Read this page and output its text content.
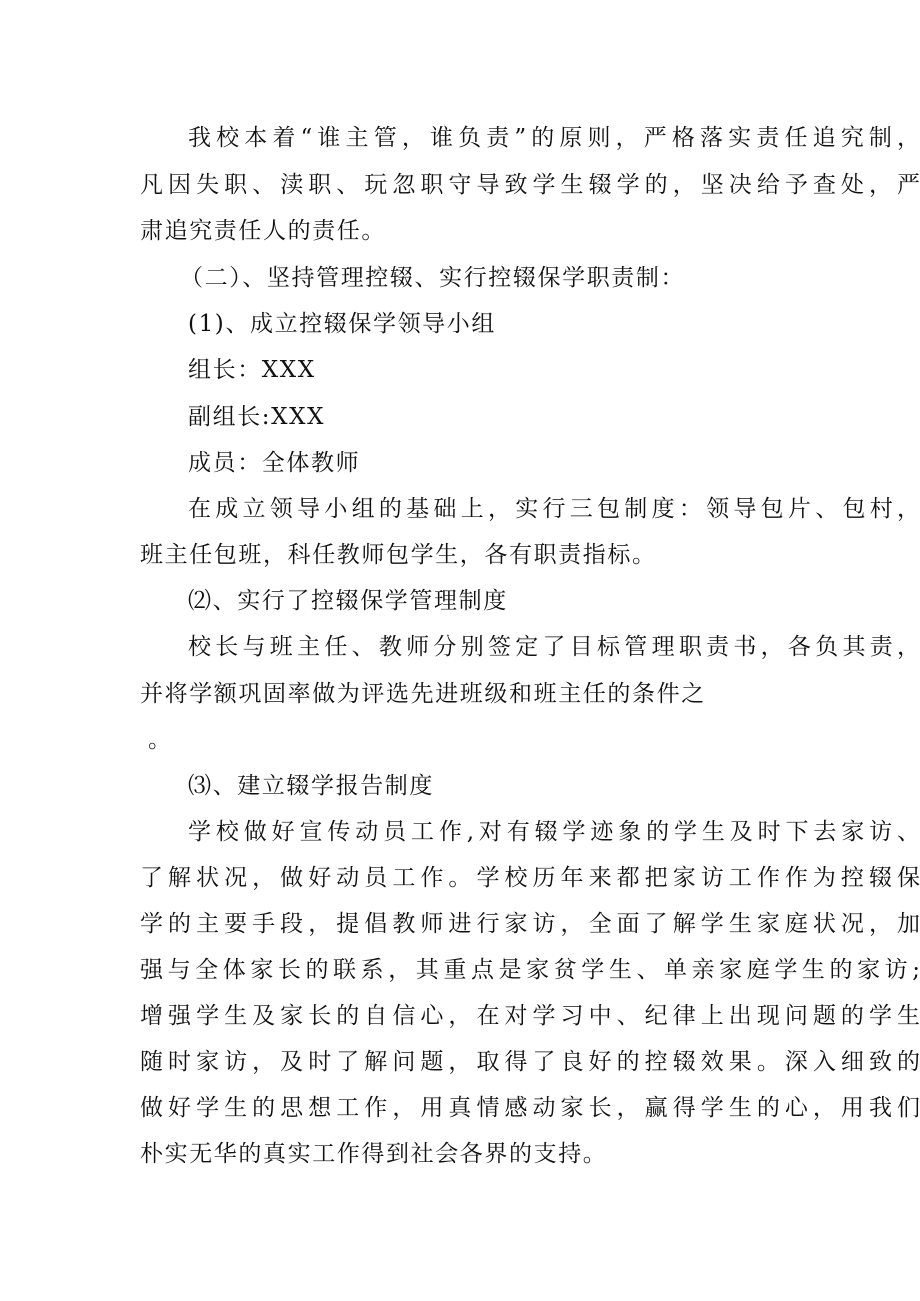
我校本着“谁主管，谁负责”的原则，严格落实责任追究制，
凡因失职、渎职、玩忽职守导致学生辍学的，坚决给予查处，严
肃追究责任人的责任。
（二）、坚持管理控辍、实行控辍保学职责制：
(1)、成立控辍保学领导小组
组长：XXX
副组长:XXX
成员：全体教师
在成立领导小组的基础上，实行三包制度：领导包片、包村，
班主任包班，科任教师包学生，各有职责指标。
⑵、实行了控辍保学管理制度
校长与班主任、教师分别签定了目标管理职责书，各负其责，
并将学额巩固率做为评选先进班级和班主任的条件之
。
⑶、建立辍学报告制度
学校做好宣传动员工作,对有辍学迹象的学生及时下去家访、
了解状况，做好动员工作。学校历年来都把家访工作作为控辍保
学的主要手段，提倡教师进行家访，全面了解学生家庭状况，加
强与全体家长的联系，其重点是家贫学生、单亲家庭学生的家访;
增强学生及家长的自信心，在对学习中、纪律上出现问题的学生
随时家访，及时了解问题，取得了良好的控辍效果。深入细致的
做好学生的思想工作，用真情感动家长，赢得学生的心，用我们
朴实无华的真实工作得到社会各界的支持。
